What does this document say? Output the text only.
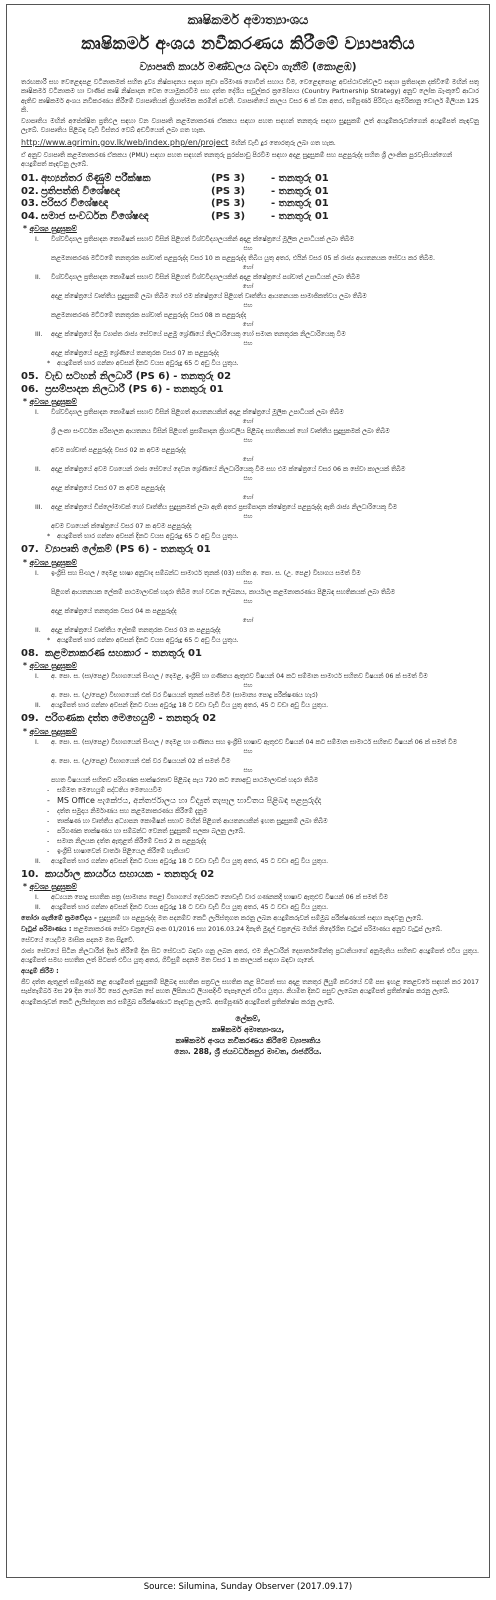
කෘෂිකර්ම අමාත්‍යාංශය
කෘෂිකර්ම අංශය නවීකරණය කිරීමේ ව්‍යාපෘතිය
ව්‍යාපෘති කාර්ය මණ්ඩලය බඳවා ගැනීම් (කොළඹ)

තරඟකාරී සහ වෙළෙඳපළ වටිනාකමක් සහිත ද්‍රව්‍ය නිෂ්පාදනය සඳහා කුඩා පරිමාණ ගොවීන් සහාය වීම, වෙළෙඳපොළ අවස්ථාවන්වලට සඳහා ප්‍රතිපාදන දක්වීමේ මඟින් සතු කෘෂිකර්ම වටිනාකම හා වාණිජ කෘෂි නිෂ්පාදන වෙත යොමුකරවීම සහ දත්ත දේශීය සවුල්කර ක්‍රමෝපාය (Country Partnership Strategy) අනුව ලෝක බැංකුවේ ආධාර ඇතිව කෘෂිකර්ම අංශය නවීකරණය කිරීමේ ව්‍යාපෘතියක් ක්‍රියාත්මක කරමින් පවතී. ව්‍යාපෘතියේ කාලය වසර 6 ක් වන අතර, සම්පූර්ණ පිරිවැය ඇමරිකානු ඩොලර් මිලියන 125 කි.

ව්‍යාපෘතිය මඟින් අපේක්ෂිත ප්‍රතිඵල සඳහා වන ව්‍යාපෘති කළමනාකරණ ඒකකය සඳහා පහත සඳහන් තනතුරු සඳහා සුදුසුකම් ලත් අයදුම්කරුවන්ගෙන් අයදුම්පත් කැඳවනු ලැබේ. ව්‍යාපෘතිය පිළිබඳ වැඩි විස්තර වෙබ් අඩවියෙන් ලබා ගත හැක.

http://www.agrimin.gov.lk/web/index.php/en/project මඟින් වැඩි දුර තොරතුරු ලබා ගත හැක.
ඒ අනුව ව්‍යාපෘති කළමනාකරණ ඒකකය (PMU) සඳහා පහත සඳහන් තනතුරු පුරප්පාඩු පිරවීම සඳහා අදාළ සුදුසුකම් සහ පළපුරුද්ද සහිත ශ්‍රී ලාංකික පුරවැසියන්ගෙන් අයදුම්පත් කැඳවනු ලැබේ.
01. අභ්‍යන්තර ගිණුම් පරීක්ෂක	(PS 3)	- තනතුරු 01
02. ප්‍රතිපත්ති විශේෂඥ	(PS 3)	- තනතුරු 01
03. පරිසර විශේෂඥ	(PS 3)	- තනතුරු 01
04. සමාජ සංවර්ධන විශේෂඥ	(PS 3)	- තනතුරු 01
* අවශ්‍ය සුදුසුකම්
I.	විශ්වවිද්‍යාල ප්‍රතිපාදන කොමිෂන් සභාව විසින් පිළිගත් විශ්වවිද්‍යාලයකින් අදාළ ක්ෂේත්‍රයේ මූලික උපාධියක් ලබා තිබීම
සහ
කළමනාකරණ මට්ටමේ තනතුරක පශ්චාත් පළපුරුද්ද වසර 10 ක පළපුරුද්ද තිබිය යුතු අතර, එයින් වසර 05 ක් රාජ්‍ය ආයතනයක සේවය කර තිබීම.
හෝ
II.	විශ්වවිද්‍යාල ප්‍රතිපාදන කොමිෂන් සභාව විසින් පිළිගත් විශ්වවිද්‍යාලයකින් අදාළ ක්ෂේත්‍රයේ පශ්චාත් උපාධියක් ලබා තිබීම
හෝ
අදාළ ක්ෂේත්‍රයේ වෘත්තීය සුදුසුකම් ලබා තිබීම හෝ එම ක්ෂේත්‍රයේ පිළිගත් වෘත්තීය ආයතනයක සාමාජිකත්වය ලබා තිබීම
සහ
කළමනාකරණ මට්ටමේ තනතුරක පශ්චාත් පළපුරුද්ද වසර 08 ක පළපුරුද්ද
හෝ
III.	අදාළ ක්ෂේත්‍රයේ දීප ව්‍යාප්ත රාජ්‍ය සේවයේ පළමු ශ්‍රේණියේ නිලධාරියෙකු හෝ සමාන තනතුරක නිලධාරියෙකු වීම
සහ
අදාළ ක්ෂේත්‍රයේ පළමු ශ්‍රේණියේ තනතුරක වසර 07 ක පළපුරුද්ද
*	අයදුම්පත් භාර ගන්නා අවසන් දිනට වයස අවුරුදු 65 ට අඩු විය යුතුය.
05. වැඩ සටහන් නිලධාරී (PS 6) - තනතුරු 02
06. ප්‍රසම්පාදන නිලධාරී (PS 6) - තනතුරු 01
* අවශ්‍ය සුදුසුකම්
I.	විශ්වවිද්‍යාල ප්‍රතිපාදන කොමිෂන් සභාව විසින් පිළිගත් ආයතනයකින් අදාළ ක්ෂේත්‍රයේ මූලික උපාධියක් ලබා තිබීම
හෝ
ශ්‍රී ලංකා සංවර්ධන පරිපාලන ආයතනය විසින් පිළිගත් ප්‍රසම්පාදන ක්‍රියාවලිය පිළිබඳ සහතිකයක් හෝ වෘත්තීය සුදුසුකමක් ලබා තිබීම
සහ
අවම පශ්චාත් පළපුරුද්ද වසර 02 ක අවම පළපුරුද්ද
හෝ
II.	අදාළ ක්ෂේත්‍රයේ අවම වශයෙන් රාජ්‍ය සේවයේ දෙවන ශ්‍රේණියේ නිලධාරියෙකු වීම සහ එම ක්ෂේත්‍රයේ වසර 06 ක සේවා කාලයක් තිබීම
සහ
අදාළ ක්ෂේත්‍රයේ වසර 07 ක අවම පළපුරුද්ද
හෝ
III.	අදාළ ක්ෂේත්‍රයේ ඩිප්ලෝමාවක් හෝ වෘත්තීය සුදුසුකමක් ලබා ඇති අතර ප්‍රසම්පාදන ක්ෂේත්‍රයේ පළපුරුද්ද ඇති රාජ්‍ය නිලධාරියෙකු වීම
සහ
අවම වශයෙන් ක්ෂේත්‍රයේ වසර 07 ක අවම පළපුරුද්ද
*	අයදුම්පත් භාර ගන්නා අවසන් දිනට වයස අවුරුදු 65 ට අඩු විය යුතුය.
07. ව්‍යාපෘති ලේකම් (PS 6) - තනතුරු 01
* අවශ්‍ය සුදුසුකම්
I.	ඉංග්‍රීසි සහ සිංහල / දෙමළ භාෂා අනුවාද සම්බන්ධ සාමාර්ථ තුනක් (03) සහිත අ. පො. ස. (උ. පෙළ) විභාගය සමත් වීම
සහ
පිළිගත් ආයතනයක ලේකම් පාඨමාලාවක් හදාරා තිබීම හෝ වචන ලේඛනය, කාර්යාල කළමනාකරණය පිළිබඳ සහතිකයක් ලබා තිබීම
සහ
අදාළ ක්ෂේත්‍රයේ තනතුරක වසර 04 ක පළපුරුද්ද
හෝ
II.	අදාළ ක්ෂේත්‍රයේ වෘත්තීය ලේකම් තනතුරක වසර 03 ක පළපුරුද්ද
*	අයදුම්පත් භාර ගන්නා අවසන් දිනට වයස අවුරුදු 65 ට අඩු විය යුතුය.
08. කළමනාකරණ සහකාර - තනතුරු 01
* අවශ්‍ය සුදුසුකම්
I.	අ. පො. ස. (සා/පෙළ) විභාගයෙන් සිංහල / දෙමළ, ඉංග්‍රීසි හා ගණිතය ඇතුළුව විෂයන් 04 කට සම්මාන සාමාර්ථ සහිතව විෂයන් 06 ක් සමත් වීම
සහ
අ. පො. ස. (උ/පෙළ) විභාගයෙන් එක් වර විෂයයන් තුනක් සමත් වීම (සාමාන්‍ය පොදු පරීක්ෂණය හැර)
II.	අයදුම්පත් භාර ගන්නා අවසන් දිනට වයස අවුරුදු 18 ට වඩා වැඩි විය යුතු අතර, 45 ට වඩා අඩු විය යුතුය.
09. පරිගණක දත්ත මෙහෙයුම් - තනතුරු 02
* අවශ්‍ය සුදුසුකම්
I.	අ. පො. ස. (සා/පෙළ) විභාගයෙන් සිංහල / දෙමළ හා ගණිතය සහ ඉංග්‍රීසි භාෂාව ඇතුළුව විෂයන් 04 කට සම්මාන සාමාර්ථ සහිතව විෂයන් 06 ක් සමත් වීම
සහ
අ. පො. ස. (උ/පෙළ) විභාගයෙන් එක් වර විෂයයන් 02 ක් සමත් වීම
සහ
පහත විෂයයන් සහිතව පරිගණක සාක්ෂරතාව පිළිබඳ පැය 720 කට නොඅඩු පාඨමාලාවක් හදාරා තිබීම
-	සම්මත මෙහෙයුම් පද්ධතිය මෙහෙයවීම
- MS Office පැකේජය, අන්තර්ජාලය හා විද්‍යුත් තැපෑල භාවිතය පිළිබඳ පළපුරුද්ද
-	දත්ත සමුදාය නිර්මාණය සහ කළමනාකරණය කිරීමේ දැනුම
-	තාක්ෂණ හා වෘත්තීය අධ්‍යාපන කොමිෂන් සභාව මඟින් පිළිගත් ආයතනයකින් ඉහත සුදුසුකම් ලබා තිබීම
-	පරිගණක තාක්ෂණය හා සම්බන්ධ වෙනත් සුදුසුකම් සලකා බලනු ලැබේ.
-	සමාන නිලයක දත්ත ඇතුළත් කිරීමේ වසර 2 ක පළපුරුද්ද
-	ඉංග්‍රීසි භාෂාවෙන් වාර්තා පිළියෙල කිරීමේ හැකියාව
II.	අයදුම්පත් භාර ගන්නා අවසන් දිනට වයස අවුරුදු 18 ට වඩා වැඩි විය යුතු අතර, 45 ට වඩා අඩු විය යුතුය.
10. කාර්යාල කාර්යය සහායක - තනතුරු 02
* අවශ්‍ය සුදුසුකම්
I.	අධ්‍යයන පොදු සහතික පත්‍ර (සාමාන්‍ය පෙළ) විභාගයේ දෙවරකට නොවැඩි වාර ගණනකදී භාෂාව ඇතුළුව විෂයන් 06 ක් සමත් වීම
II.	අයදුම්පත් භාර ගන්නා අවසන් දිනට වයස අවුරුදු 18 ට වඩා වැඩි විය යුතු අතර, 45 ට වඩා අඩු විය යුතුය.
තෝරා ගැනීමේ ක්‍රමවේදය - සුදුසුකම් හා පළපුරුද්ද මත පදනම්ව කෙටි ලැයිස්තුගත කරනු ලබන අයදුම්කරුවන් සම්මුඛ පරීක්ෂණයක් සඳහා කැඳවනු ලැබේ.
වැටුප් පරිමාණය : කළමනාකරණ සේවා චක්‍රලේඛ අංක 01/2016 සහ 2016.03.24 දිනැති මුදල් චක්‍රලේඛ මඟින් නිර්දේශිත වැටුප් පරිමාණය අනුව වැටුප් ලැබේ.
සේවයේ යෙදවීම මාසික පදනම මත සිදුවේ.
රාජ්‍ය සේවයේ සිටින නිලධාරීන් දීර්ඝ කිරීමේ දින සිට සේවයට බඳවා ගනු ලබන අතර, එම නිලධාරීන් දෙපාර්තමේන්තු ප්‍රධානියාගේ අනුමැතිය සහිතව අයදුම්පත් එවිය යුතුය. අයදුම්පත් සමඟ සහතික ලත් පිටපත් එවිය යුතු අතර, ගිවිසුම් පදනම මත වසර 1 ක කාලයක් සඳහා බඳවා ගැනේ.
අයදුම් කිරීම :
ජීව දත්ත ඇතුළත් සම්පූර්ණ කළ අයදුම්පත් සුදුසුකම් පිළිබඳ සහතික පත්‍රවල සහතික කළ පිටපත් සහ අදාළ තනතුර ලියුම් කවරයේ වම් පස ඉහළ කෙළවරේ සඳහන් කර 2017 සැප්තැම්බර් මස 29 දින හෝ ඊට පෙර ලැබෙන සේ පහත ලිපිනයට ලියාපදිංචි තැපෑලෙන් එවිය යුතුය. නියමිත දිනට පසුව ලැබෙන අයදුම්පත් ප්‍රතික්ෂේප කරනු ලැබේ.
අයදුම්කරුවන් කෙටි ලැයිස්තුගත කර සම්මුඛ පරීක්ෂණයට කැඳවනු ලැබේ. අසම්පූර්ණ අයදුම්පත් ප්‍රතික්ෂේප කරනු ලැබේ.
ලේකම්,
කෘෂිකර්ම අමාත්‍යාංශය,
කෘෂිකර්ම අංශය නවීකරණය කිරීමේ ව්‍යාපෘතිය
නො. 288, ශ්‍රී ජයවර්ධනපුර මාවත, රාජගිරිය.
Source: Silumina, Sunday Observer (2017.09.17)
